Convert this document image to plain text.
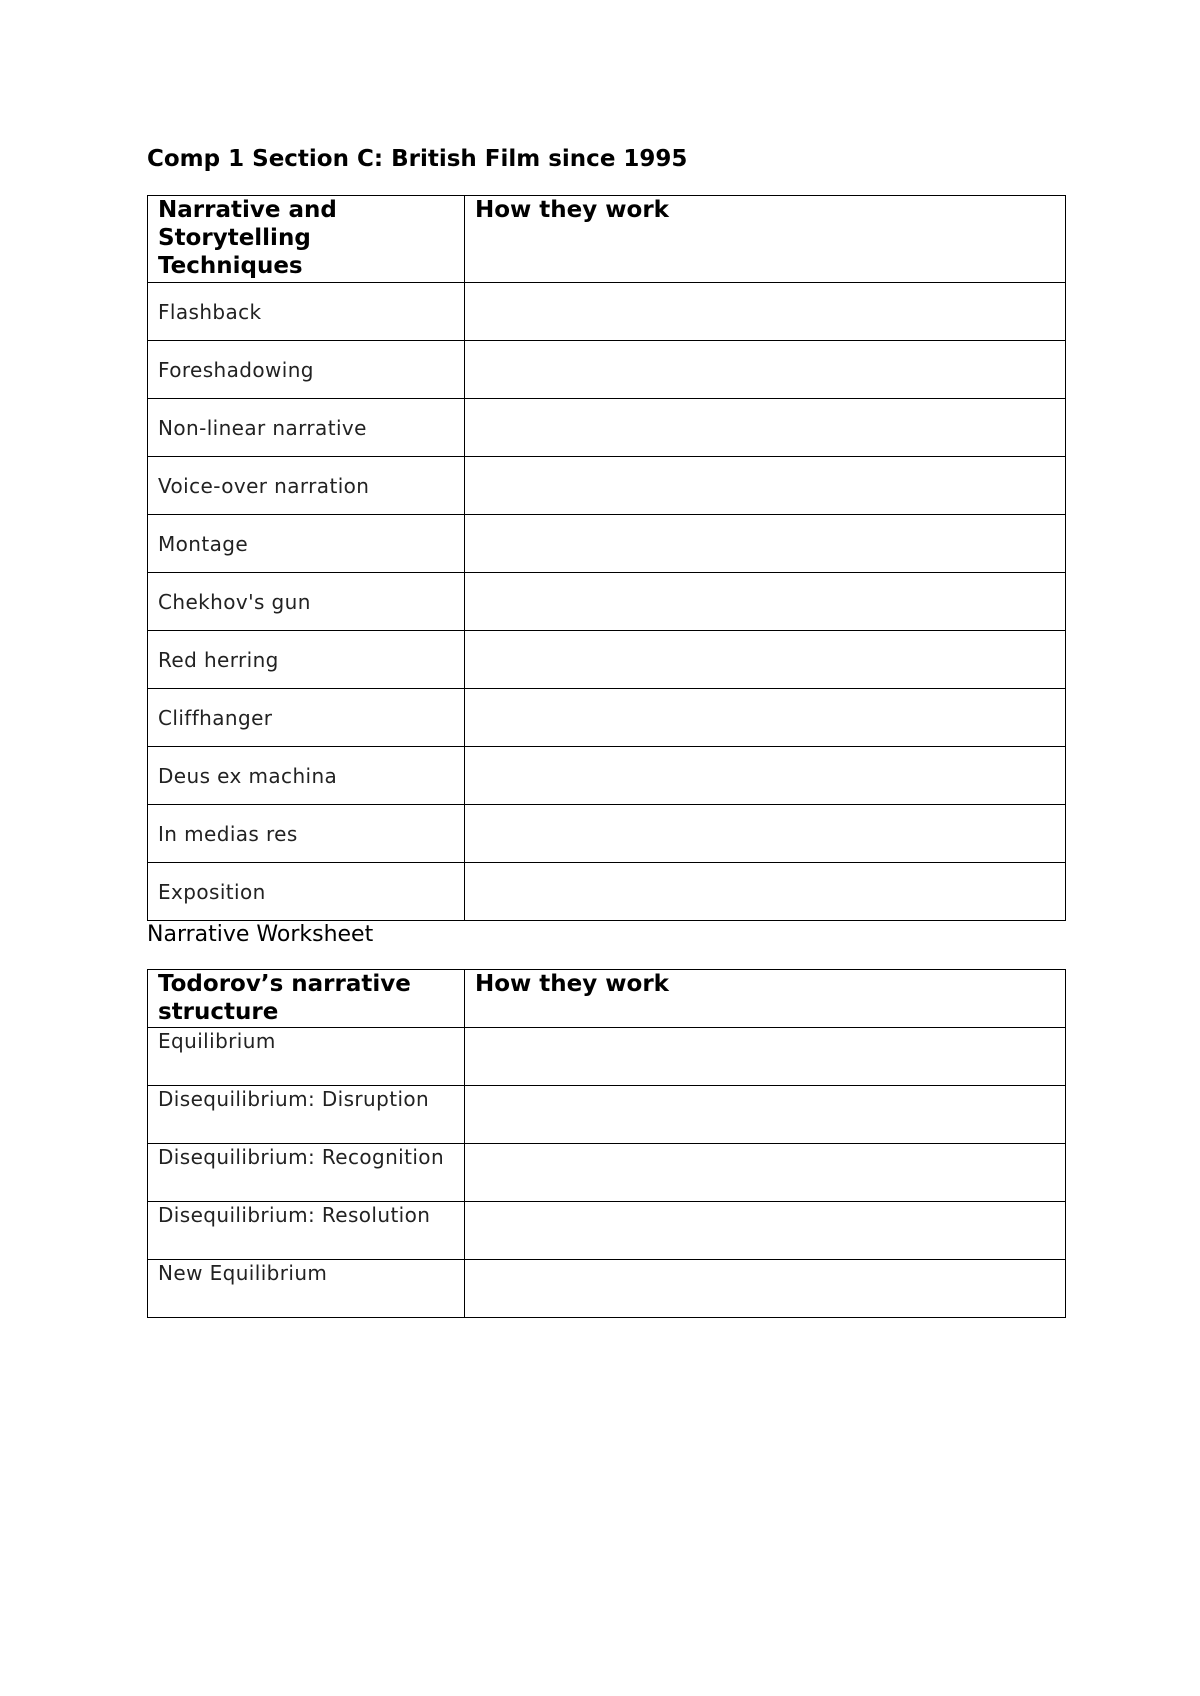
Comp 1 Section C: British Film since 1995
Narrative and Storytelling Techniques	How they work
Flashback	
Foreshadowing	
Non-linear narrative	
Voice-over narration	
Montage	
Chekhov's gun	
Red herring	
Cliffhanger	
Deus ex machina	
In medias res	
Exposition	
Narrative Worksheet
Todorov’s narrative structure	How they work
Equilibrium	
Disequilibrium: Disruption	
Disequilibrium: Recognition	
Disequilibrium: Resolution	
New Equilibrium	
